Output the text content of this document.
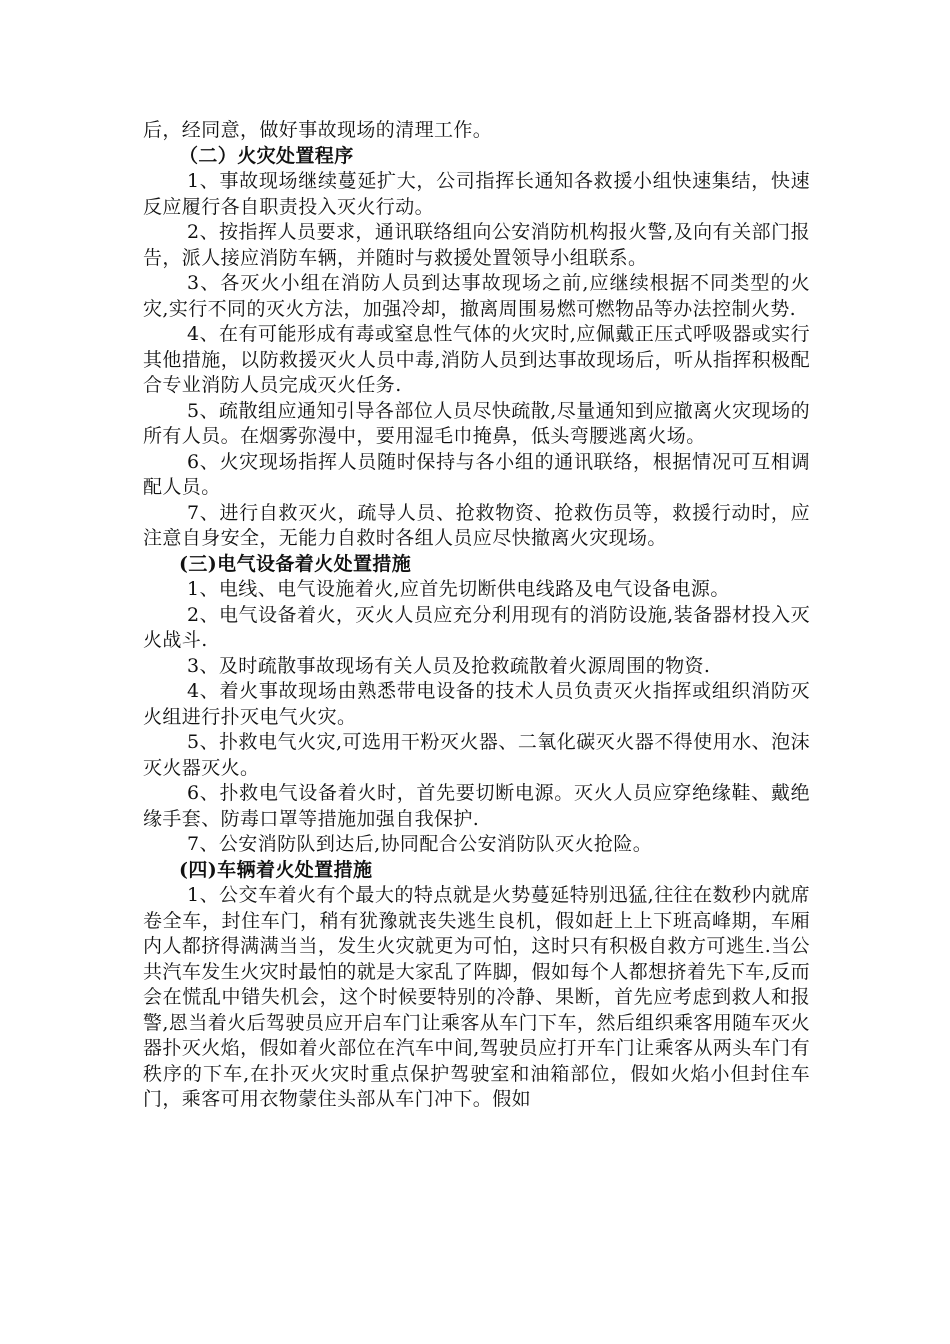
后，经同意，做好事故现场的清理工作。

（二）火灾处置程序

1、事故现场继续蔓延扩大，公司指挥长通知各救援小组快速集结，快速反应履行各自职责投入灭火行动。

2、按指挥人员要求，通讯联络组向公安消防机构报火警,及向有关部门报告，派人接应消防车辆，并随时与救援处置领导小组联系。

3、各灭火小组在消防人员到达事故现场之前,应继续根据不同类型的火灾,实行不同的灭火方法，加强冷却，撤离周围易燃可燃物品等办法控制火势.

4、在有可能形成有毒或窒息性气体的火灾时,应佩戴正压式呼吸器或实行其他措施，以防救援灭火人员中毒,消防人员到达事故现场后，听从指挥积极配合专业消防人员完成灭火任务.

5、疏散组应通知引导各部位人员尽快疏散,尽量通知到应撤离火灾现场的所有人员。在烟雾弥漫中，要用湿毛巾掩鼻，低头弯腰逃离火场。

6、火灾现场指挥人员随时保持与各小组的通讯联络，根据情况可互相调配人员。

7、进行自救灭火，疏导人员、抢救物资、抢救伤员等，救援行动时，应注意自身安全，无能力自救时各组人员应尽快撤离火灾现场。

(三)电气设备着火处置措施

1、电线、电气设施着火,应首先切断供电线路及电气设备电源。

2、电气设备着火，灭火人员应充分利用现有的消防设施,装备器材投入灭火战斗.

3、及时疏散事故现场有关人员及抢救疏散着火源周围的物资.

4、着火事故现场由熟悉带电设备的技术人员负责灭火指挥或组织消防灭火组进行扑灭电气火灾。

5、扑救电气火灾,可选用干粉灭火器、二氧化碳灭火器不得使用水、泡沫灭火器灭火。

6、扑救电气设备着火时，首先要切断电源。灭火人员应穿绝缘鞋、戴绝缘手套、防毒口罩等措施加强自我保护.

7、公安消防队到达后,协同配合公安消防队灭火抢险。

(四)车辆着火处置措施

1、公交车着火有个最大的特点就是火势蔓延特别迅猛,往往在数秒内就席卷全车，封住车门，稍有犹豫就丧失逃生良机，假如赶上上下班高峰期，车厢内人都挤得满满当当，发生火灾就更为可怕，这时只有积极自救方可逃生.当公共汽车发生火灾时最怕的就是大家乱了阵脚，假如每个人都想挤着先下车,反而会在慌乱中错失机会，这个时候要特别的冷静、果断，首先应考虑到救人和报警,恩当着火后驾驶员应开启车门让乘客从车门下车，然后组织乘客用随车灭火器扑灭火焰，假如着火部位在汽车中间,驾驶员应打开车门让乘客从两头车门有秩序的下车,在扑灭火灾时重点保护驾驶室和油箱部位，假如火焰小但封住车门，乘客可用衣物蒙住头部从车门冲下。假如
